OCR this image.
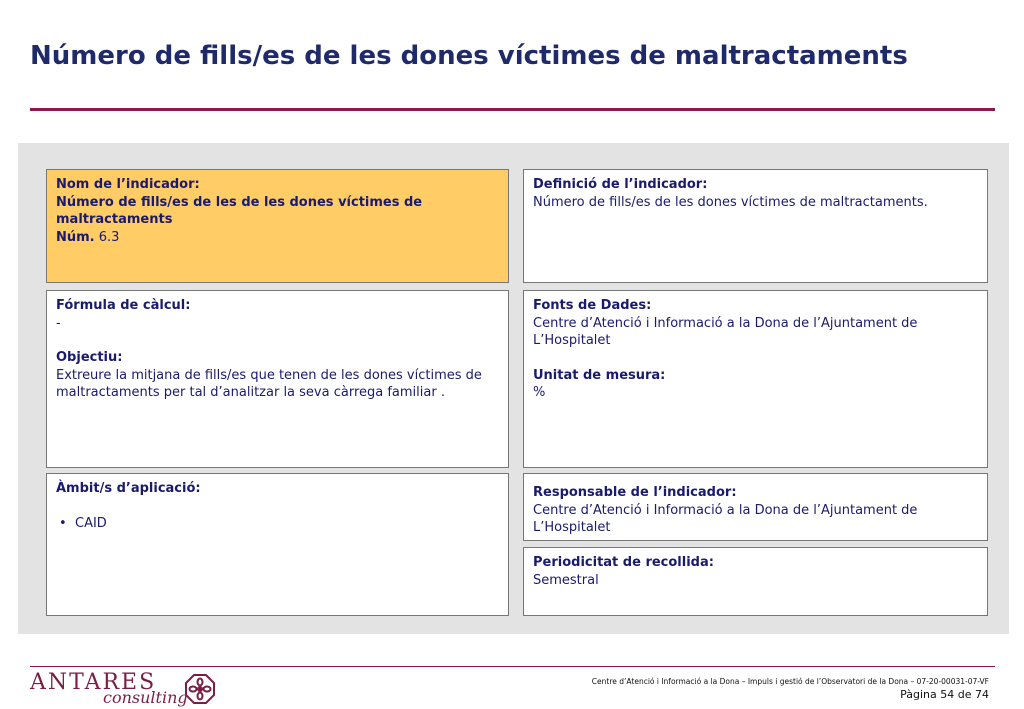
Número de fills/es de les dones víctimes de maltractaments
Nom de l’indicador:
Número de fills/es de les de les dones víctimes de maltractaments
Núm. 6.3
Definició de l’indicador:
Número de fills/es de les dones víctimes de maltractaments.
Fórmula de càlcul:
-
Objectiu:
Extreure la mitjana de fills/es que tenen de les dones víctimes de maltractaments per tal d’analitzar la seva càrrega familiar .
Fonts de Dades:
Centre d’Atenció i Informació a la Dona de l’Ajuntament de L’Hospitalet
Unitat de mesura:
%
Àmbit/s d’aplicació:
• CAID
Responsable de l’indicador:
Centre d’Atenció i Informació a la Dona de l’Ajuntament de L’Hospitalet
Periodicitat de recollida:
Semestral
ANTARES
consulting
Centre d’Atenció i Informació a la Dona – Impuls i gestió de l’Observatori de la Dona – 07-20-00031-07-VF
Pàgina 54 de 74
